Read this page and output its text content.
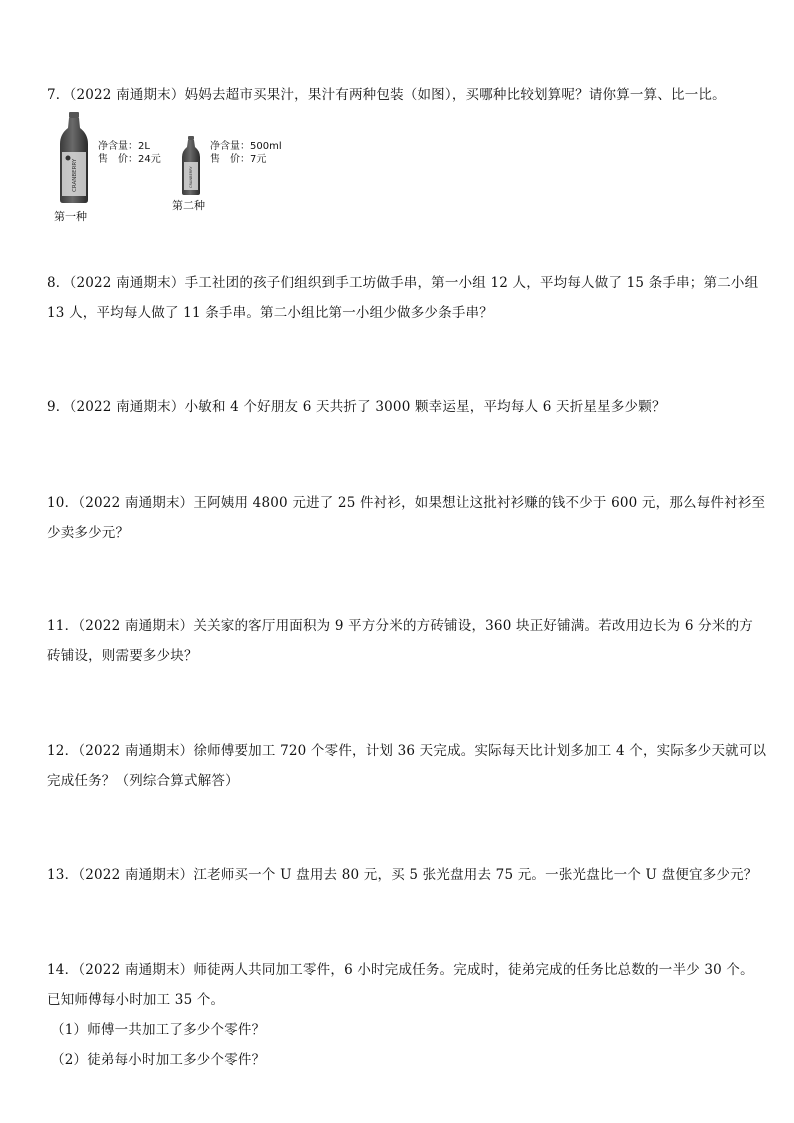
7．（2022 南通期末）妈妈去超市买果汁，果汁有两种包装（如图），买哪种比较划算呢？请你算一算、比一比。

CRANBERRY
净含量：2L
售　价：24元
第一种
CRANBERRY
净含量：500ml
售　价：7元
第二种

8．（2022 南通期末）手工社团的孩子们组织到手工坊做手串，第一小组 12 人，平均每人做了 15 条手串；第二小组

13 人，平均每人做了 11 条手串。第二小组比第一小组少做多少条手串？

9．（2022 南通期末）小敏和 4 个好朋友 6 天共折了 3000 颗幸运星，平均每人 6 天折星星多少颗？

10．（2022 南通期末）王阿姨用 4800 元进了 25 件衬衫，如果想让这批衬衫赚的钱不少于 600 元，那么每件衬衫至

少卖多少元？

11．（2022 南通期末）关关家的客厅用面积为 9 平方分米的方砖铺设，360 块正好铺满。若改用边长为 6 分米的方

砖铺设，则需要多少块？

12．（2022 南通期末）徐师傅要加工 720 个零件，计划 36 天完成。实际每天比计划多加工 4 个，实际多少天就可以

完成任务？（列综合算式解答）

13．（2022 南通期末）江老师买一个 U 盘用去 80 元，买 5 张光盘用去 75 元。一张光盘比一个 U 盘便宜多少元？

14．（2022 南通期末）师徒两人共同加工零件，6 小时完成任务。完成时，徒弟完成的任务比总数的一半少 30 个。

已知师傅每小时加工 35 个。

（1）师傅一共加工了多少个零件？

（2）徒弟每小时加工多少个零件？
